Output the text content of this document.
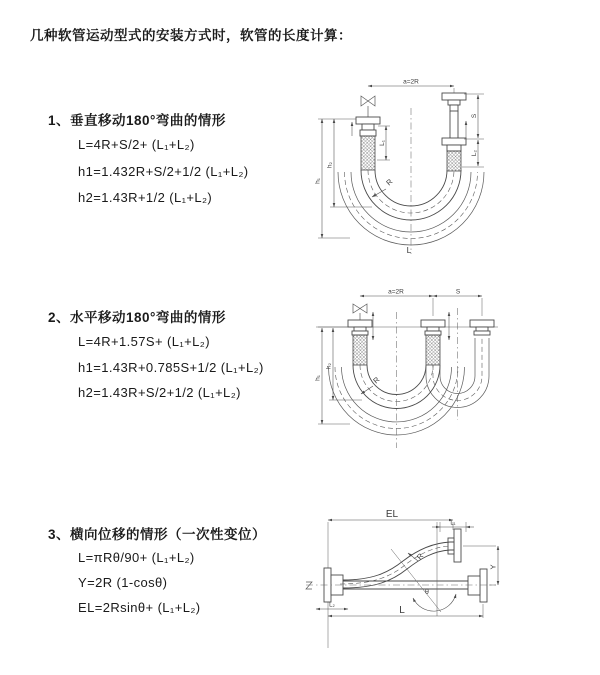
几种软管运动型式的安装方式时，软管的长度计算：
1、垂直移动180°弯曲的情形
L=4R+S/2+ (L₁+L₂)
h1=1.432R+S/2+1/2 (L₁+L₂)
h2=1.43R+1/2 (L₁+L₂)
2、水平移动180°弯曲的情形
L=4R+1.57S+ (L₁+L₂)
h1=1.43R+0.785S+1/2 (L₁+L₂)
h2=1.43R+S/2+1/2 (L₁+L₂)
3、横向位移的情形（一次性变位）
L=πRθ/90+ (L₁+L₂)
Y=2R (1-cosθ)
EL=2Rsinθ+ (L₁+L₂)
a=2R
h₁
h₂
L₁
S
L₂
R
L
a=2R	S
h₁
h₂
R
EL
L₁
Y
θ
R
L₂	L
